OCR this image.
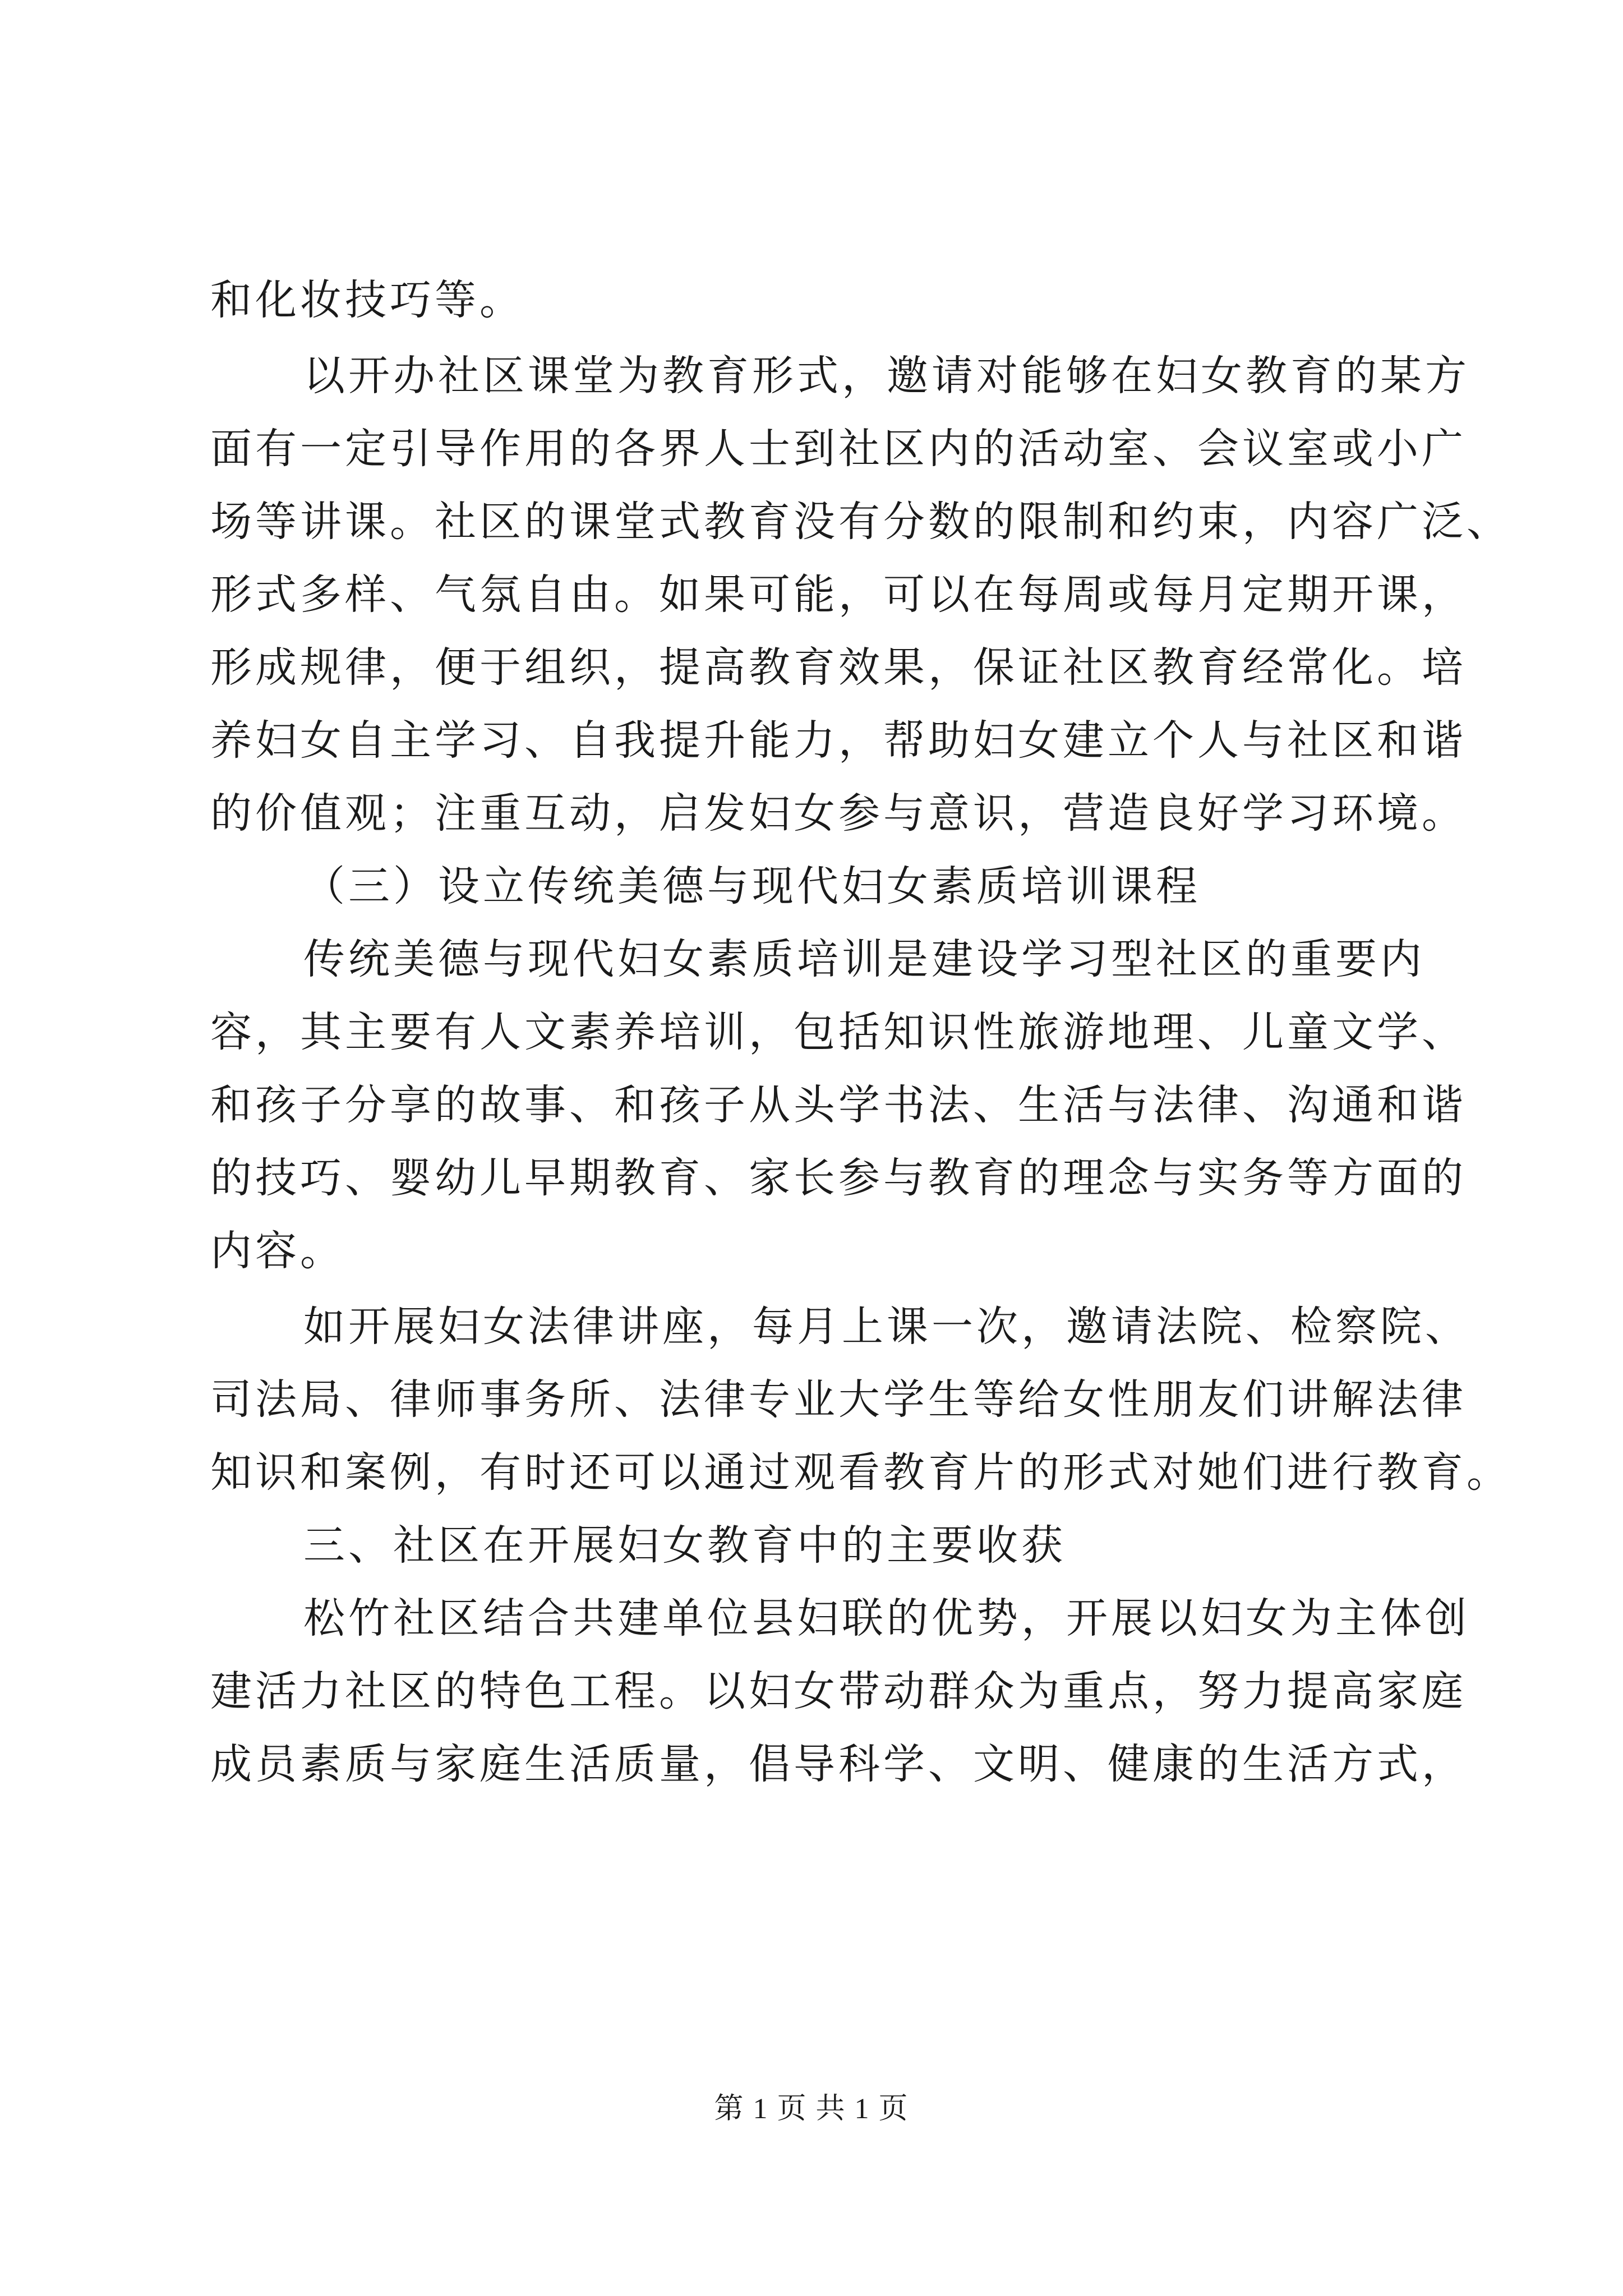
和化妆技巧等。
以开办社区课堂为教育形式，邀请对能够在妇女教育的某方
面有一定引导作用的各界人士到社区内的活动室、会议室或小广
场等讲课。社区的课堂式教育没有分数的限制和约束，内容广泛、
形式多样、气氛自由。如果可能，可以在每周或每月定期开课，
形成规律，便于组织，提高教育效果，保证社区教育经常化。培
养妇女自主学习、自我提升能力，帮助妇女建立个人与社区和谐
的价值观；注重互动，启发妇女参与意识，营造良好学习环境。
（三）设立传统美德与现代妇女素质培训课程
传统美德与现代妇女素质培训是建设学习型社区的重要内
容，其主要有人文素养培训，包括知识性旅游地理、儿童文学、
和孩子分享的故事、和孩子从头学书法、生活与法律、沟通和谐
的技巧、婴幼儿早期教育、家长参与教育的理念与实务等方面的
内容。
如开展妇女法律讲座，每月上课一次，邀请法院、检察院、
司法局、律师事务所、法律专业大学生等给女性朋友们讲解法律
知识和案例，有时还可以通过观看教育片的形式对她们进行教育。
三、社区在开展妇女教育中的主要收获
松竹社区结合共建单位县妇联的优势，开展以妇女为主体创
建活力社区的特色工程。以妇女带动群众为重点，努力提高家庭
成员素质与家庭生活质量，倡导科学、文明、健康的生活方式，
第 1 页 共 1 页
